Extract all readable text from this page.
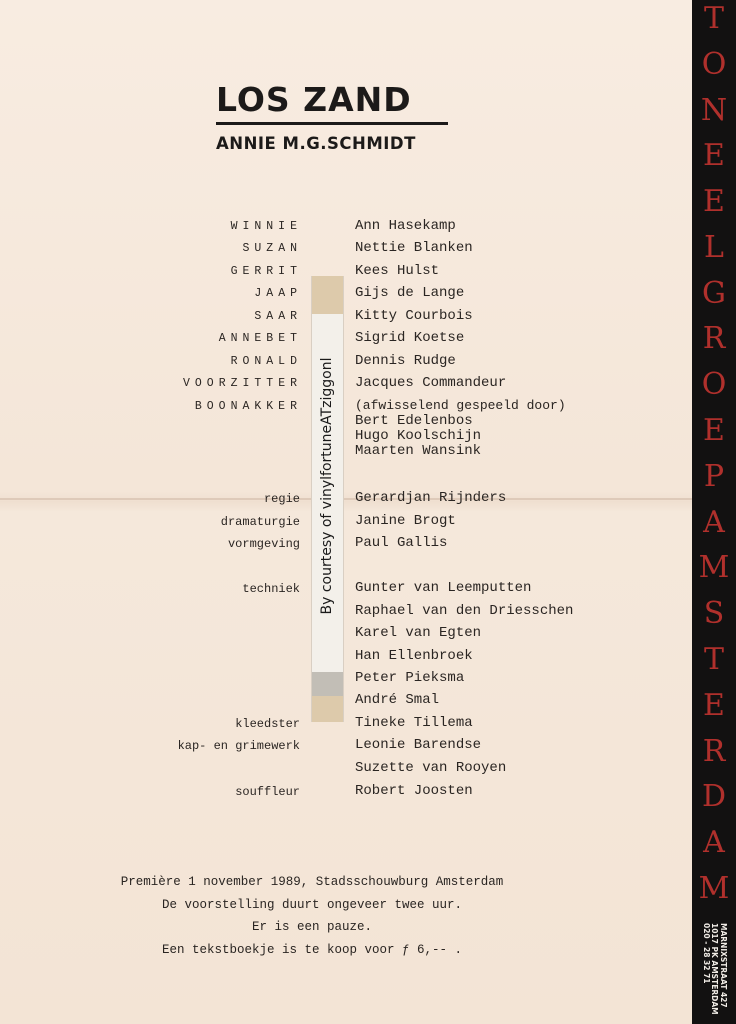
LOS ZAND
ANNIE M.G.SCHMIDT
WINNIE	Ann Hasekamp
SUZAN	Nettie Blanken
GERRIT	Kees Hulst
JAAP	Gijs de Lange
SAAR	Kitty Courbois
ANNEBET	Sigrid Koetse
RONALD	Dennis Rudge
VOORZITTER	Jacques Commandeur
BOONAKKER	(afwisselend gespeeld door)
Bert Edelenbos
Hugo Koolschijn
Maarten Wansink
regie	Gerardjan Rijnders
dramaturgie	Janine Brogt
vormgeving	Paul Gallis
techniek	Gunter van Leemputten
Raphael van den Driesschen
Karel van Egten
Han Ellenbroek
Peter Pieksma
André Smal
kleedster	Tineke Tillema
kap- en grimewerk	Leonie Barendse
Suzette van Rooyen
souffleur	Robert Joosten
Première 1 november 1989, Stadsschouwburg Amsterdam
De voorstelling duurt ongeveer twee uur.
Er is een pauze.
Een tekstboekje is te koop voor ƒ 6,-- .
By courtesy of vinylfortuneATziggonl
T
O
N
E
E
L
G
R
O
E
P
A
M
S
T
E
R
D
A
M
MARNIXSTRAAT 427
1017 PK AMSTERDAM
020 - 28 32 71
